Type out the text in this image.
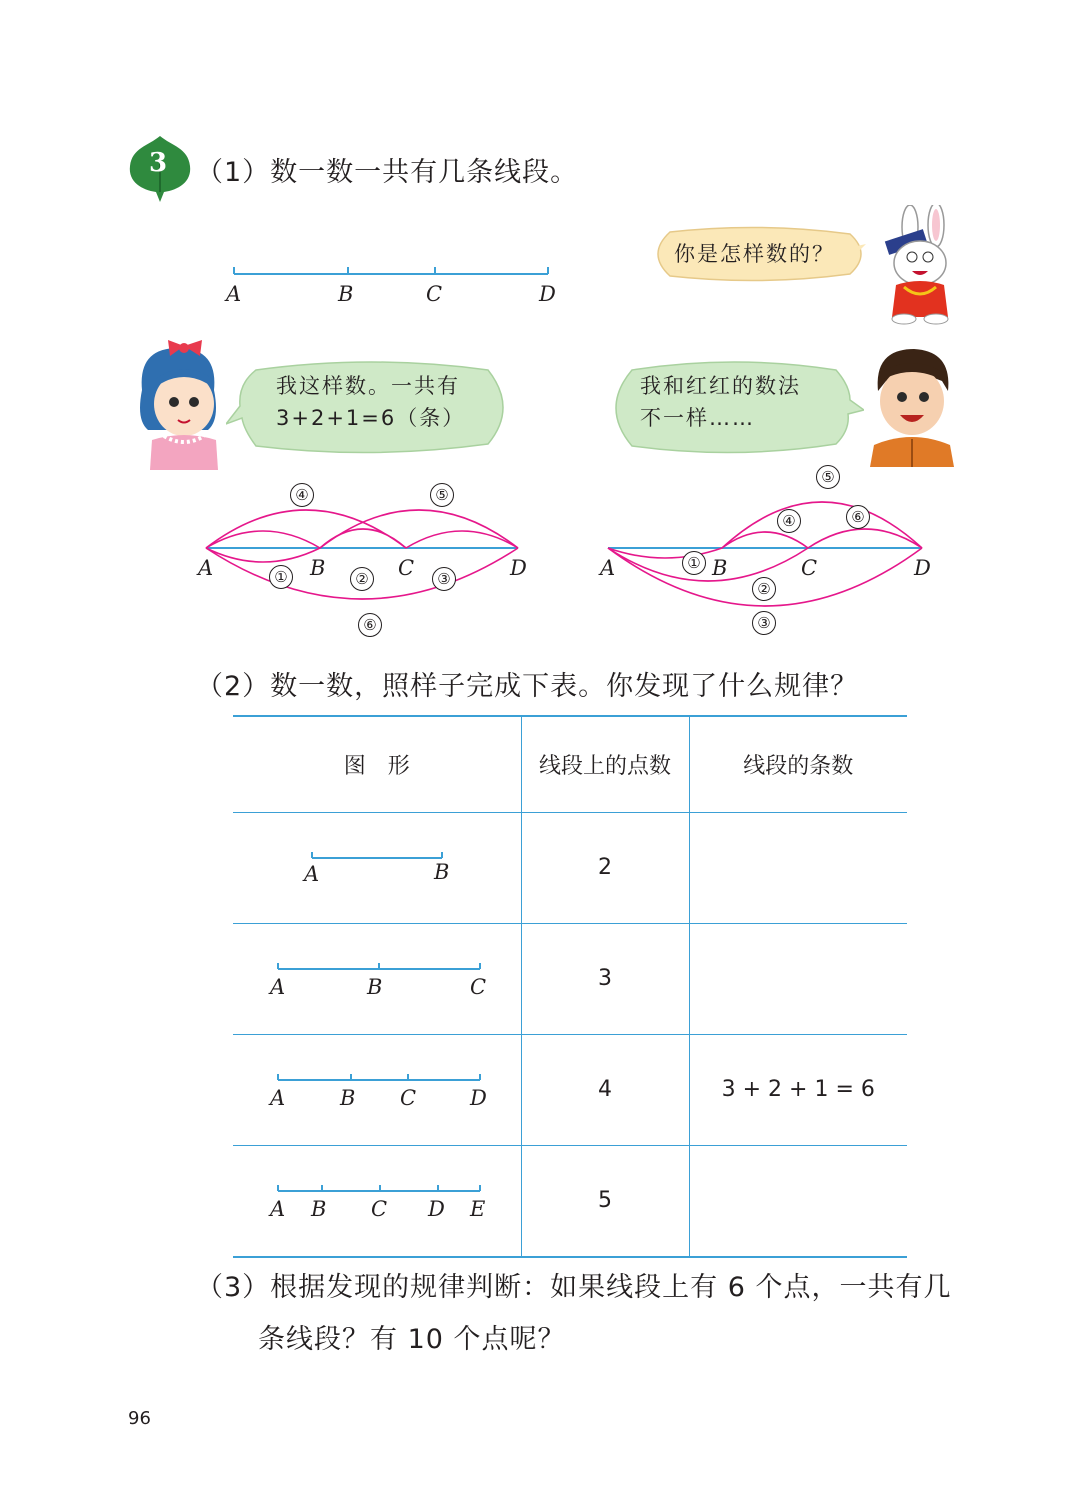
3 （1）数一数一共有几条线段。
A	B	C	D
你是怎样数的？
我这样数。一共有
3+2+1=6（条）
我和红红的数法
不一样……
A	B	C	D
①	②	③
④	⑤
⑥
A	B	C	D
①
②
③
④
⑤
⑥
（2）数一数，照样子完成下表。你发现了什么规律？
图　形	线段上的点数	线段的条数

A B	2	

A B C	3	

A B C D	4	3 + 2 + 1 = 6

A B C D E	5	
（3）根据发现的规律判断：如果线段上有 6 个点，一共有几
条线段？有 10 个点呢？
96
